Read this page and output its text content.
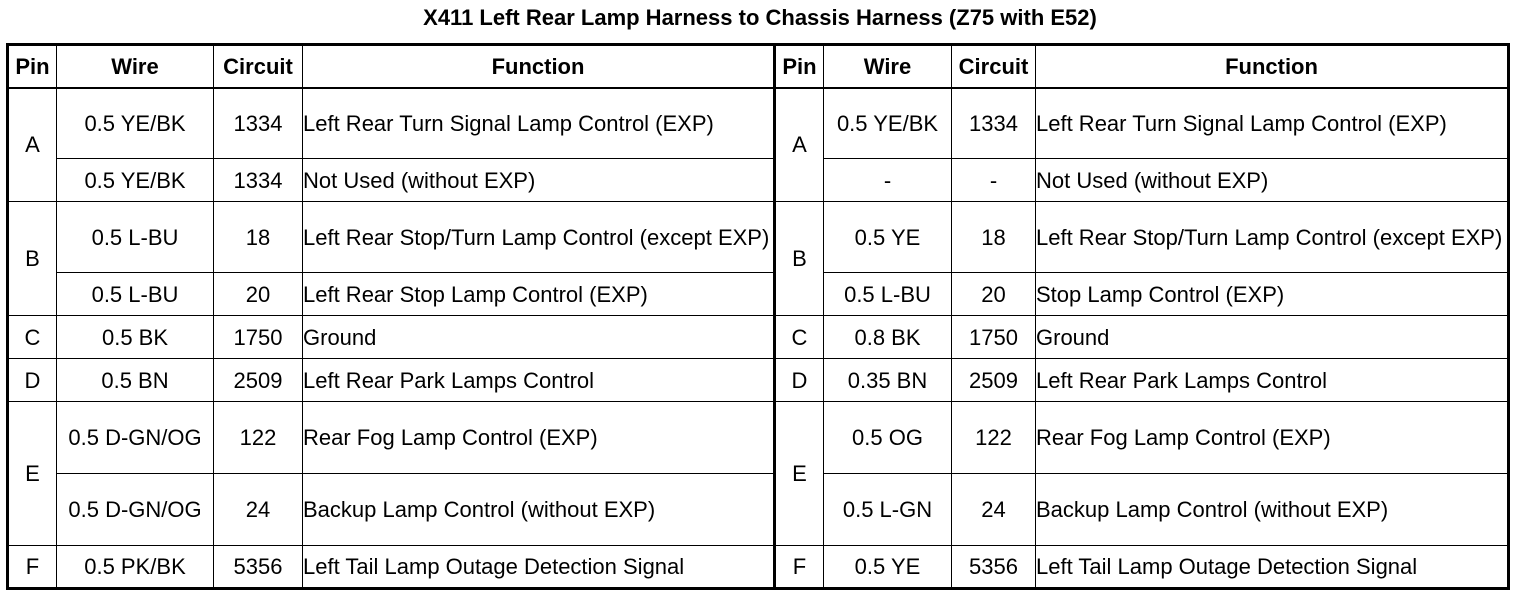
X411 Left Rear Lamp Harness to Chassis Harness (Z75 with E52)
Pin	Wire	Circuit	Function	Pin	Wire	Circuit	Function
A	0.5 YE/BK	1334	Left Rear Turn Signal Lamp Control (EXP)	A	0.5 YE/BK	1334	Left Rear Turn Signal Lamp Control (EXP)
	0.5 YE/BK	1334	Not Used (without EXP)		-	-	Not Used (without EXP)
B	0.5 L-BU	18	Left Rear Stop/Turn Lamp Control (except EXP)	B	0.5 YE	18	Left Rear Stop/Turn Lamp Control (except EXP)
	0.5 L-BU	20	Left Rear Stop Lamp Control (EXP)		0.5 L-BU	20	Stop Lamp Control (EXP)
C	0.5 BK	1750	Ground	C	0.8 BK	1750	Ground
D	0.5 BN	2509	Left Rear Park Lamps Control	D	0.35 BN	2509	Left Rear Park Lamps Control
E	0.5 D-GN/OG	122	Rear Fog Lamp Control (EXP)	E	0.5 OG	122	Rear Fog Lamp Control (EXP)
	0.5 D-GN/OG	24	Backup Lamp Control (without EXP)		0.5 L-GN	24	Backup Lamp Control (without EXP)
F	0.5 PK/BK	5356	Left Tail Lamp Outage Detection Signal	F	0.5 YE	5356	Left Tail Lamp Outage Detection Signal
